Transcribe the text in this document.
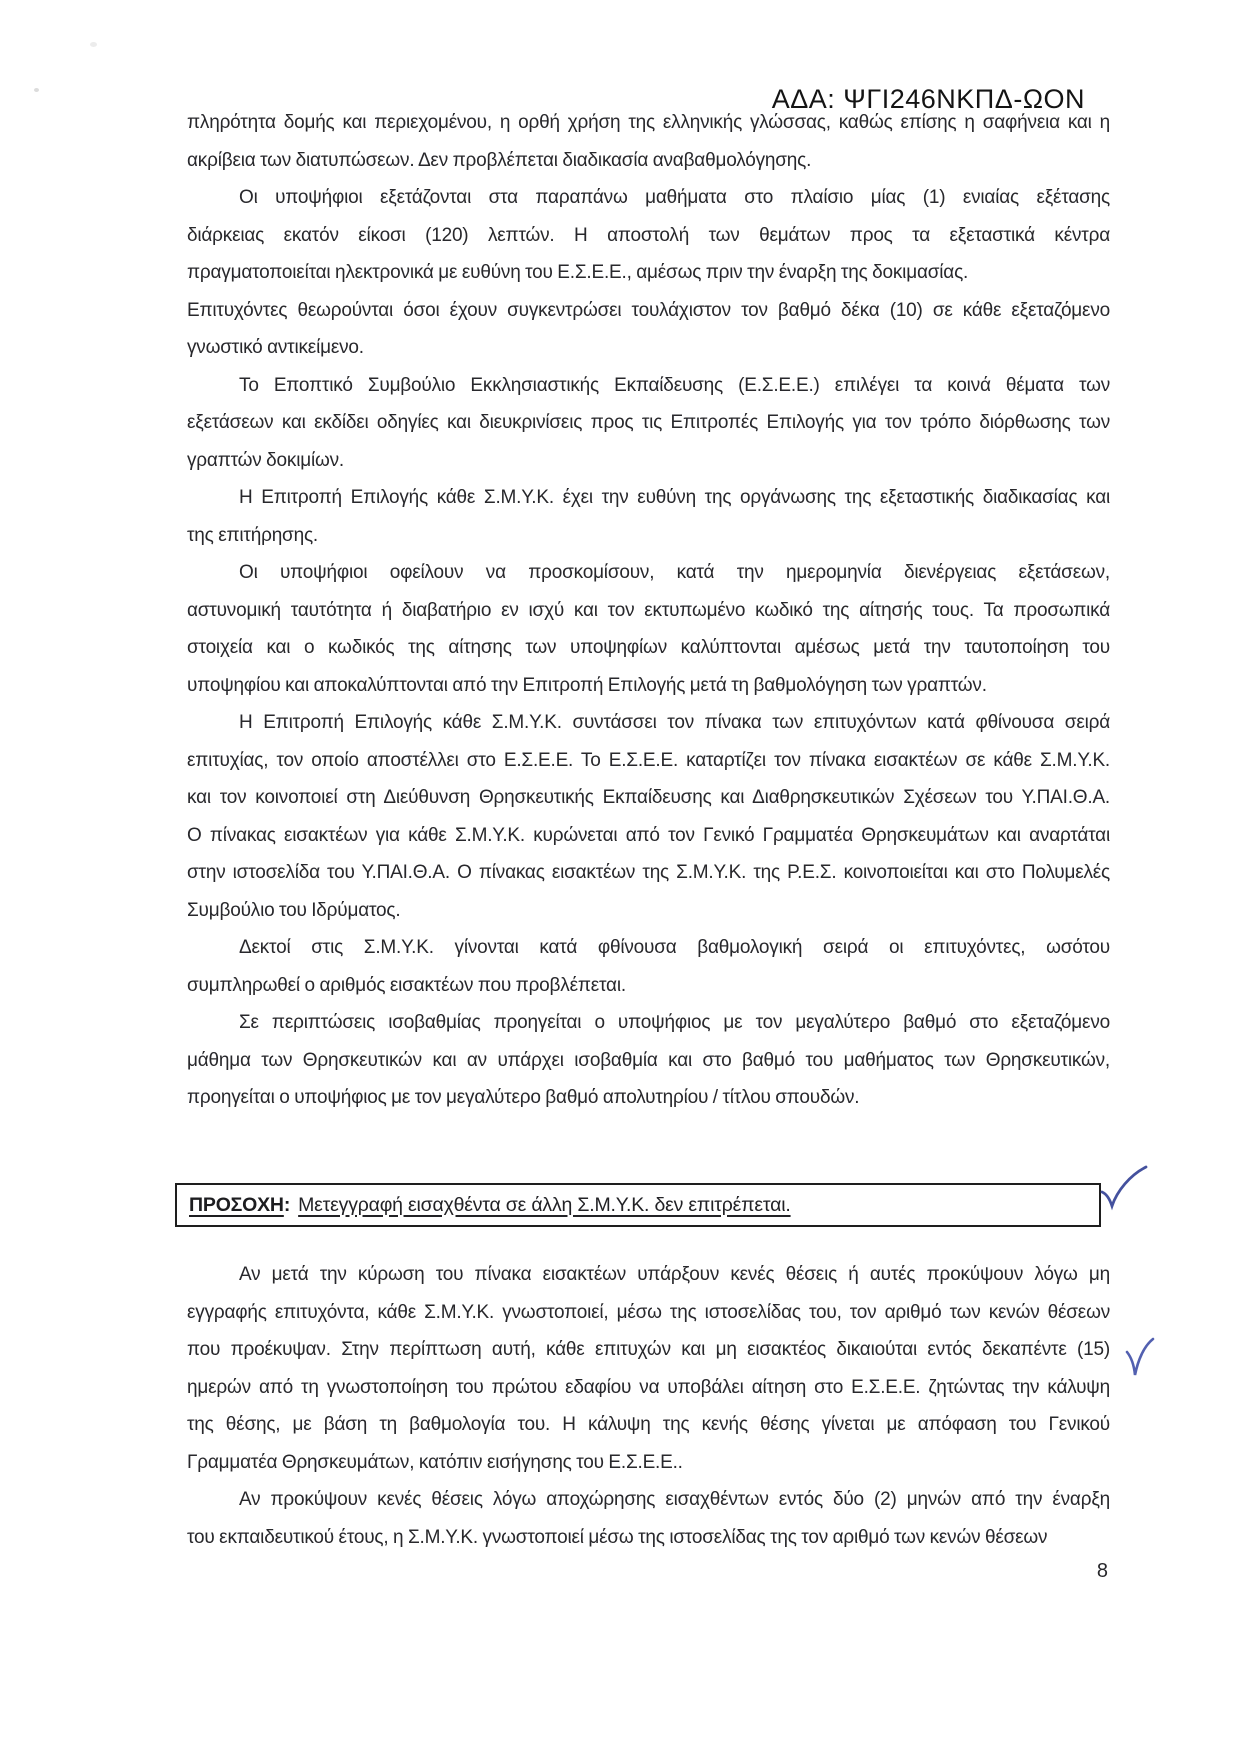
ΑΔΑ: ΨΓΙ246ΝΚΠΔ-ΩΟΝ
πληρότητα δομής και περιεχομένου, η ορθή χρήση της ελληνικής γλώσσας, καθώς επίσης η σαφήνεια και η
ακρίβεια των διατυπώσεων. Δεν προβλέπεται διαδικασία αναβαθμολόγησης.
Οι υποψήφιοι εξετάζονται στα παραπάνω μαθήματα στο πλαίσιο μίας (1) ενιαίας εξέτασης
διάρκειας εκατόν είκοσι (120) λεπτών. Η αποστολή των θεμάτων προς τα εξεταστικά κέντρα
πραγματοποιείται ηλεκτρονικά με ευθύνη του Ε.Σ.Ε.Ε., αμέσως πριν την έναρξη της δοκιμασίας.
Επιτυχόντες θεωρούνται όσοι έχουν συγκεντρώσει τουλάχιστον τον βαθμό δέκα (10) σε κάθε εξεταζόμενο
γνωστικό αντικείμενο.
Το Εποπτικό Συμβούλιο Εκκλησιαστικής Εκπαίδευσης (Ε.Σ.Ε.Ε.) επιλέγει τα κοινά θέματα των
εξετάσεων και εκδίδει οδηγίες και διευκρινίσεις προς τις Επιτροπές Επιλογής για τον τρόπο διόρθωσης των
γραπτών δοκιμίων.
Η Επιτροπή Επιλογής κάθε Σ.Μ.Υ.Κ. έχει την ευθύνη της οργάνωσης της εξεταστικής διαδικασίας και
της επιτήρησης.
Οι υποψήφιοι οφείλουν να προσκομίσουν, κατά την ημερομηνία διενέργειας εξετάσεων,
αστυνομική ταυτότητα ή διαβατήριο εν ισχύ και τον εκτυπωμένο κωδικό της αίτησής τους. Τα προσωπικά
στοιχεία και ο κωδικός της αίτησης των υποψηφίων καλύπτονται αμέσως μετά την ταυτοποίηση του
υποψηφίου και αποκαλύπτονται από την Επιτροπή Επιλογής μετά τη βαθμολόγηση των γραπτών.
Η Επιτροπή Επιλογής κάθε Σ.Μ.Υ.Κ. συντάσσει τον πίνακα των επιτυχόντων κατά φθίνουσα σειρά
επιτυχίας, τον οποίο αποστέλλει στο Ε.Σ.Ε.Ε. Το Ε.Σ.Ε.Ε. καταρτίζει τον πίνακα εισακτέων σε κάθε Σ.Μ.Υ.Κ.
και τον κοινοποιεί στη Διεύθυνση Θρησκευτικής Εκπαίδευσης και Διαθρησκευτικών Σχέσεων του Υ.ΠΑΙ.Θ.Α.
Ο πίνακας εισακτέων για κάθε Σ.Μ.Υ.Κ. κυρώνεται από τον Γενικό Γραμματέα Θρησκευμάτων και αναρτάται
στην ιστοσελίδα του Υ.ΠΑΙ.Θ.Α. Ο πίνακας εισακτέων της Σ.Μ.Υ.Κ. της Ρ.Ε.Σ. κοινοποιείται και στο Πολυμελές
Συμβούλιο του Ιδρύματος.
Δεκτοί στις Σ.Μ.Υ.Κ. γίνονται κατά φθίνουσα βαθμολογική σειρά οι επιτυχόντες, ωσότου
συμπληρωθεί ο αριθμός εισακτέων που προβλέπεται.
Σε περιπτώσεις ισοβαθμίας προηγείται ο υποψήφιος με τον μεγαλύτερο βαθμό στο εξεταζόμενο
μάθημα των Θρησκευτικών και αν υπάρχει ισοβαθμία και στο βαθμό του μαθήματος των Θρησκευτικών,
προηγείται ο υποψήφιος με τον μεγαλύτερο βαθμό απολυτηρίου / τίτλου σπουδών.
ΠΡΟΣΟΧΗ : Μετεγγραφή εισαχθέντα σε άλλη Σ.Μ.Υ.Κ. δεν επιτρέπεται.
Αν μετά την κύρωση του πίνακα εισακτέων υπάρξουν κενές θέσεις ή αυτές προκύψουν λόγω μη
εγγραφής επιτυχόντα, κάθε Σ.Μ.Υ.Κ. γνωστοποιεί, μέσω της ιστοσελίδας του, τον αριθμό των κενών θέσεων
που προέκυψαν. Στην περίπτωση αυτή, κάθε επιτυχών και μη εισακτέος δικαιούται εντός δεκαπέντε (15)
ημερών από τη γνωστοποίηση του πρώτου εδαφίου να υποβάλει αίτηση στο Ε.Σ.Ε.Ε. ζητώντας την κάλυψη
της θέσης, με βάση τη βαθμολογία του. Η κάλυψη της κενής θέσης γίνεται με απόφαση του Γενικού
Γραμματέα Θρησκευμάτων, κατόπιν εισήγησης του Ε.Σ.Ε.Ε..
Αν προκύψουν κενές θέσεις λόγω αποχώρησης εισαχθέντων εντός δύο (2) μηνών από την έναρξη
του εκπαιδευτικού έτους, η Σ.Μ.Υ.Κ. γνωστοποιεί μέσω της ιστοσελίδας της τον αριθμό των κενών θέσεων
8
